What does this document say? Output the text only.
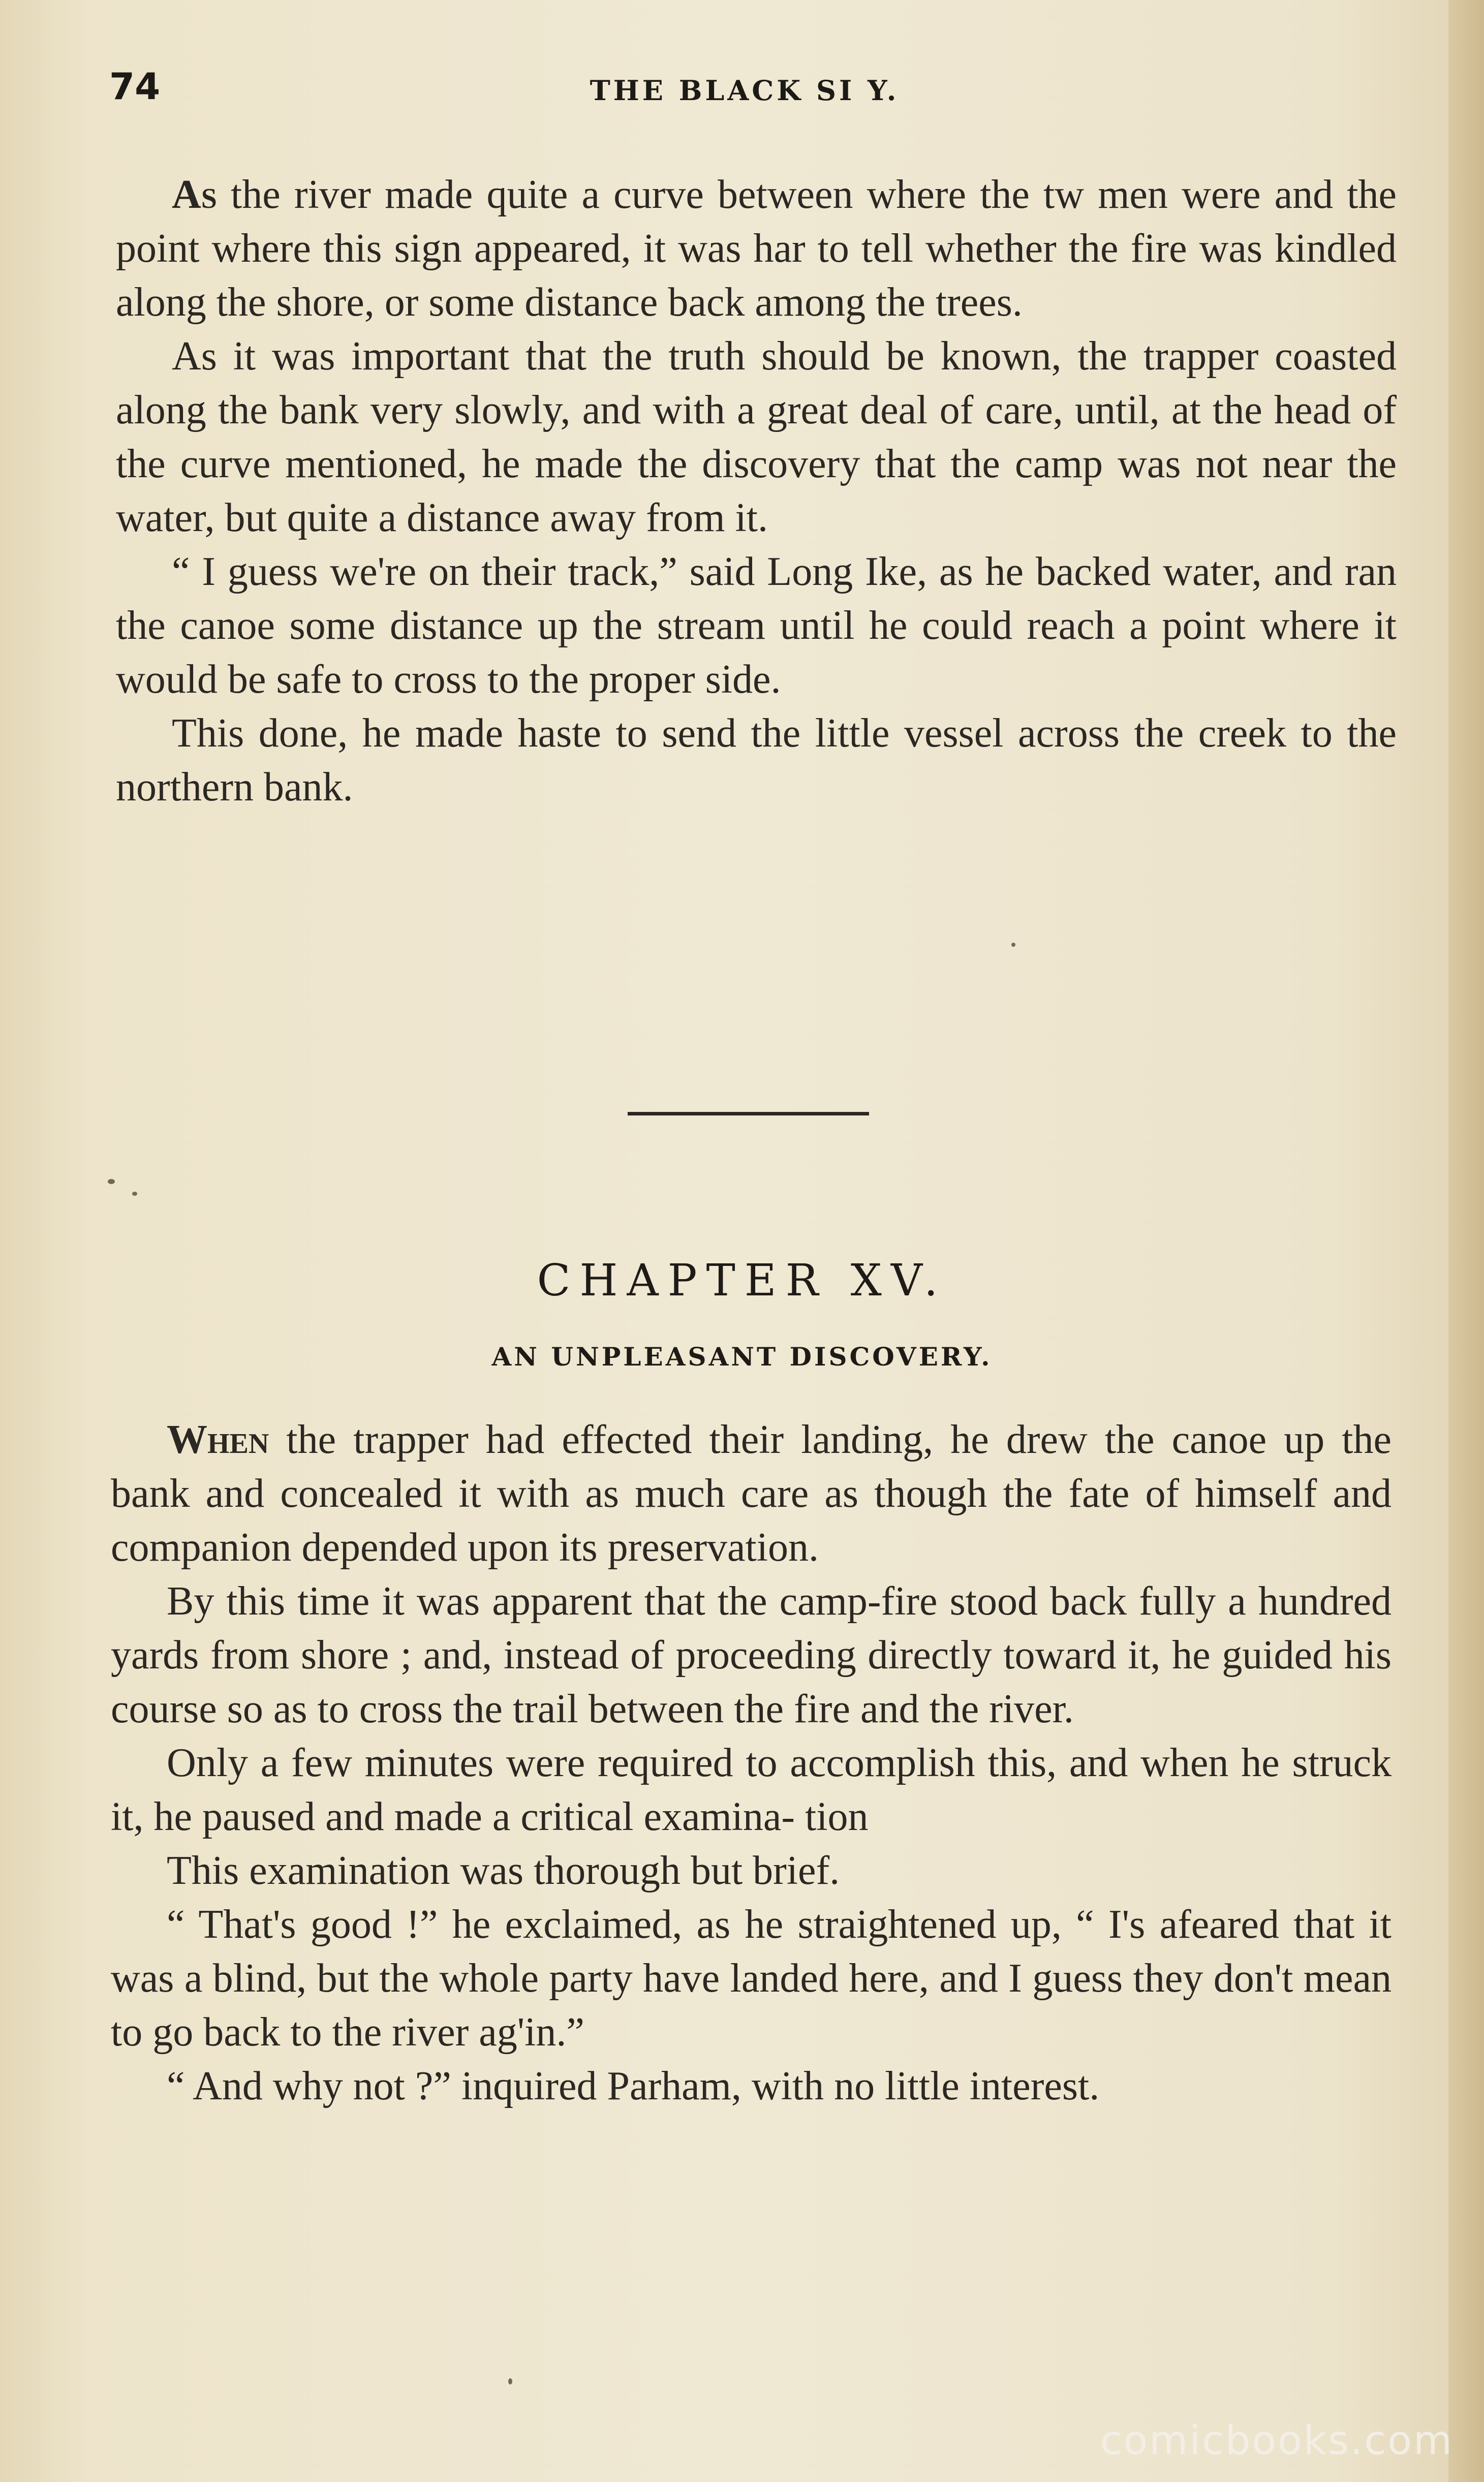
74	THE BLACK SI Y.

As the river made quite a curve between where the tw men were and the point where this sign appeared, it was har to tell whether the fire was kindled along the shore, or some distance back among the trees.

As it was important that the truth should be known, the trapper coasted along the bank very slowly, and with a great deal of care, until, at the head of the curve mentioned, he made the discovery that the camp was not near the water, but quite a distance away from it.

“ I guess we're on their track,” said Long Ike, as he backed water, and ran the canoe some distance up the stream until he could reach a point where it would be safe to cross to the proper side.

This done, he made haste to send the little vessel across the creek to the northern bank.

CHAPTER XV.
AN UNPLEASANT DISCOVERY.

When the trapper had effected their landing, he drew the canoe up the bank and concealed it with as much care as though the fate of himself and companion depended upon its preservation.

By this time it was apparent that the camp-fire stood back fully a hundred yards from shore ; and, instead of proceeding directly toward it, he guided his course so as to cross the trail between the fire and the river.

Only a few minutes were required to accomplish this, and when he struck it, he paused and made a critical examina- tion

This examination was thorough but brief.

“ That's good !” he exclaimed, as he straightened up, “ I's afeared that it was a blind, but the whole party have landed here, and I guess they don't mean to go back to the river ag'in.”

“ And why not ?” inquired Parham, with no little interest.

comicbooks.com
